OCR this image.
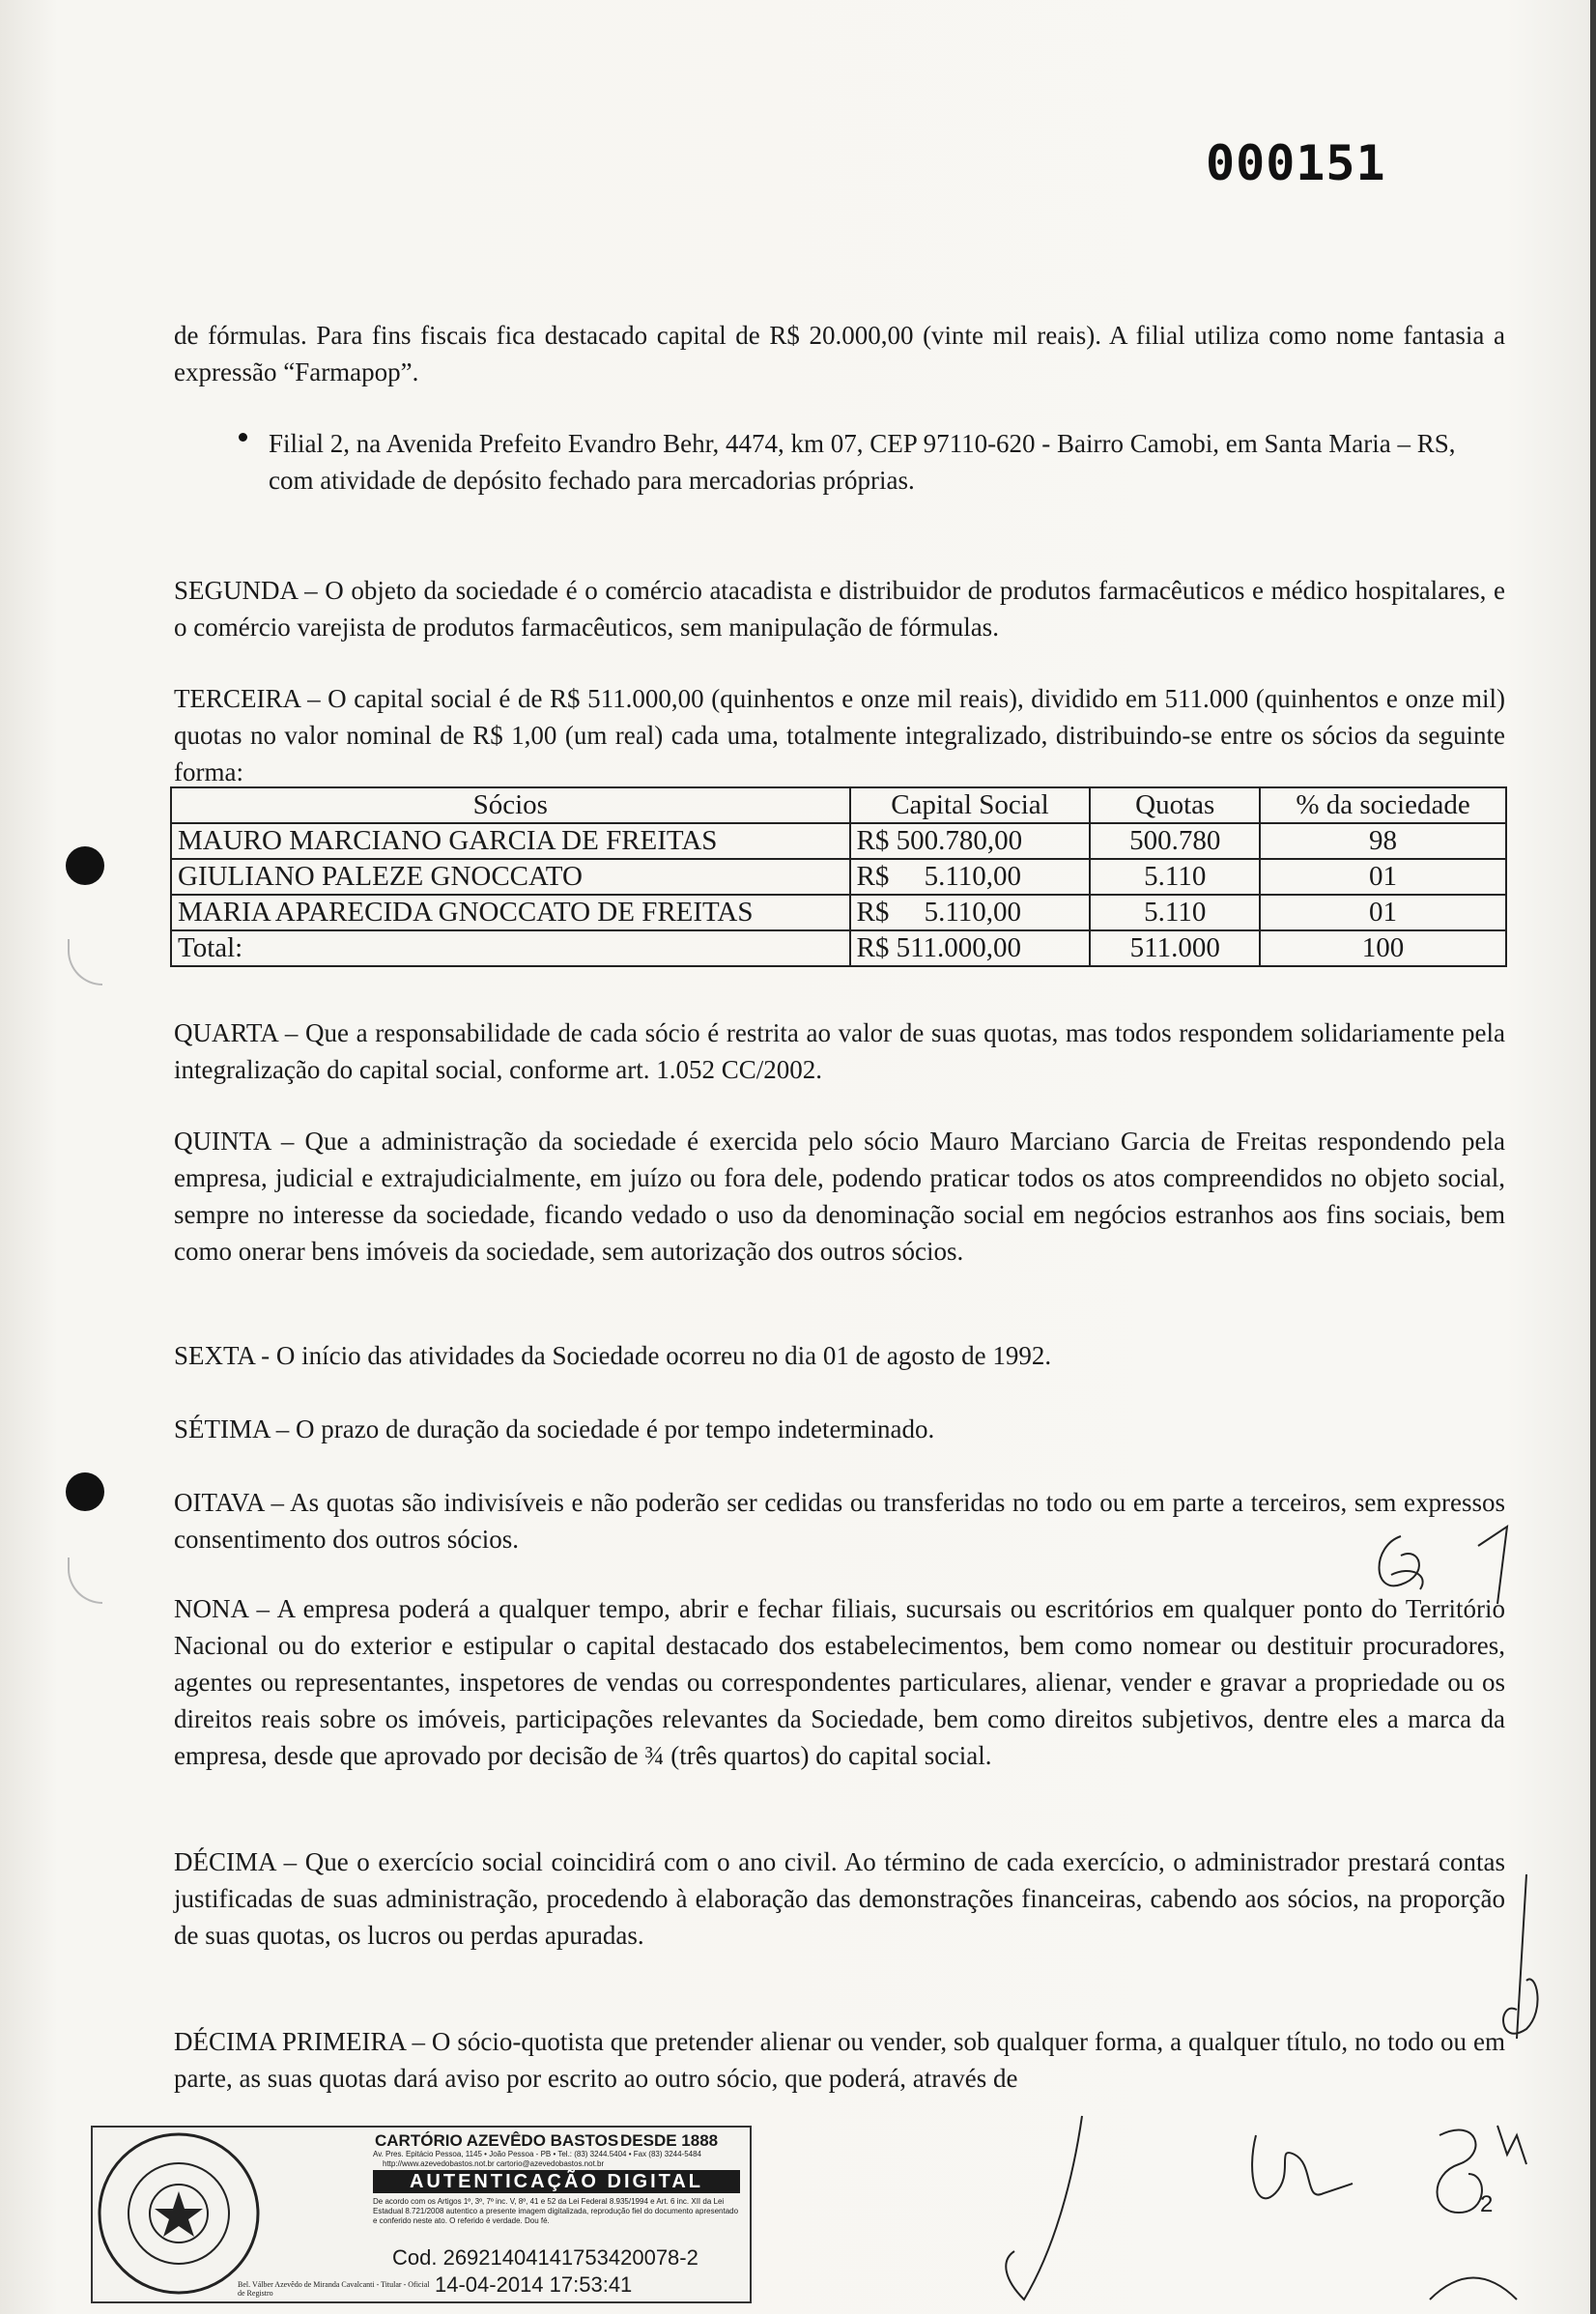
000151
de fórmulas. Para fins fiscais fica destacado capital de R$ 20.000,00 (vinte mil reais). A filial utiliza como nome fantasia a expressão “Farmapop”.
Filial 2, na Avenida Prefeito Evandro Behr, 4474, km 07, CEP 97110-620 - Bairro Camobi, em Santa Maria – RS, com atividade de depósito fechado para mercadorias próprias.
SEGUNDA – O objeto da sociedade é o comércio atacadista e distribuidor de produtos farmacêuticos e médico hospitalares, e o comércio varejista de produtos farmacêuticos, sem manipulação de fórmulas.
TERCEIRA – O capital social é de R$ 511.000,00 (quinhentos e onze mil reais), dividido em 511.000 (quinhentos e onze mil) quotas no valor nominal de R$ 1,00 (um real) cada uma, totalmente integralizado, distribuindo-se entre os sócios da seguinte forma:
Sócios	Capital Social	Quotas	% da sociedade
MAURO MARCIANO GARCIA DE FREITAS	R$ 500.780,00	500.780	98
GIULIANO PALEZE GNOCCATO	R$     5.110,00	5.110	01
MARIA APARECIDA GNOCCATO DE FREITAS	R$     5.110,00	5.110	01
Total:	R$ 511.000,00	511.000	100
QUARTA – Que a responsabilidade de cada sócio é restrita ao valor de suas quotas, mas todos respondem solidariamente pela integralização do capital social, conforme art. 1.052 CC/2002.
QUINTA – Que a administração da sociedade é exercida pelo sócio Mauro Marciano Garcia de Freitas respondendo pela empresa, judicial e extrajudicialmente, em juízo ou fora dele, podendo praticar todos os atos compreendidos no objeto social, sempre no interesse da sociedade, ficando vedado o uso da denominação social em negócios estranhos aos fins sociais, bem como onerar bens imóveis da sociedade, sem autorização dos outros sócios.
SEXTA - O início das atividades da Sociedade ocorreu no dia 01 de agosto de 1992.
SÉTIMA – O prazo de duração da sociedade é por tempo indeterminado.
OITAVA – As quotas são indivisíveis e não poderão ser cedidas ou transferidas no todo ou em parte a terceiros, sem expressos consentimento dos outros sócios.
NONA – A empresa poderá a qualquer tempo, abrir e fechar filiais, sucursais ou escritórios em qualquer ponto do Território Nacional ou do exterior e estipular o capital destacado dos estabelecimentos, bem como nomear ou destituir procuradores, agentes ou representantes, inspetores de vendas ou correspondentes particulares, alienar, vender e gravar a propriedade ou os direitos reais sobre os imóveis, participações relevantes da Sociedade, bem como direitos subjetivos, dentre eles a marca da empresa, desde que aprovado por decisão de ¾ (três quartos) do capital social.
DÉCIMA – Que o exercício social coincidirá com o ano civil. Ao término de cada exercício, o administrador prestará contas justificadas de suas administração, procedendo à elaboração das demonstrações financeiras, cabendo aos sócios, na proporção de suas quotas, os lucros ou perdas apuradas.
DÉCIMA PRIMEIRA – O sócio-quotista que pretender alienar ou vender, sob qualquer forma, a qualquer título, no todo ou em parte, as suas quotas dará aviso por escrito ao outro sócio, que poderá, através de
2
CARTÓRIO AZEVÊDO BASTOS DESDE 1888
Av. Pres. Epitácio Pessoa, 1145 • João Pessoa - PB • Tel.: (83) 3244.5404 • Fax (83) 3244-5484
http://www.azevedobastos.not.br cartorio@azevedobastos.not.br
AUTENTICAÇÃO DIGITAL
De acordo com os Artigos 1º, 3º, 7º inc. V, 8º, 41 e 52 da Lei Federal 8.935/1994 e Art. 6 inc. XII da Lei Estadual 8.721/2008 autentico a presente imagem digitalizada, reprodução fiel do documento apresentado e conferido neste ato. O referido é verdade. Dou fé.
Cod. 26921404141753420078-2
14-04-2014 17:53:41
Bel. Válber Azevêdo de Miranda Cavalcanti - Titular - Oficial de Registro
